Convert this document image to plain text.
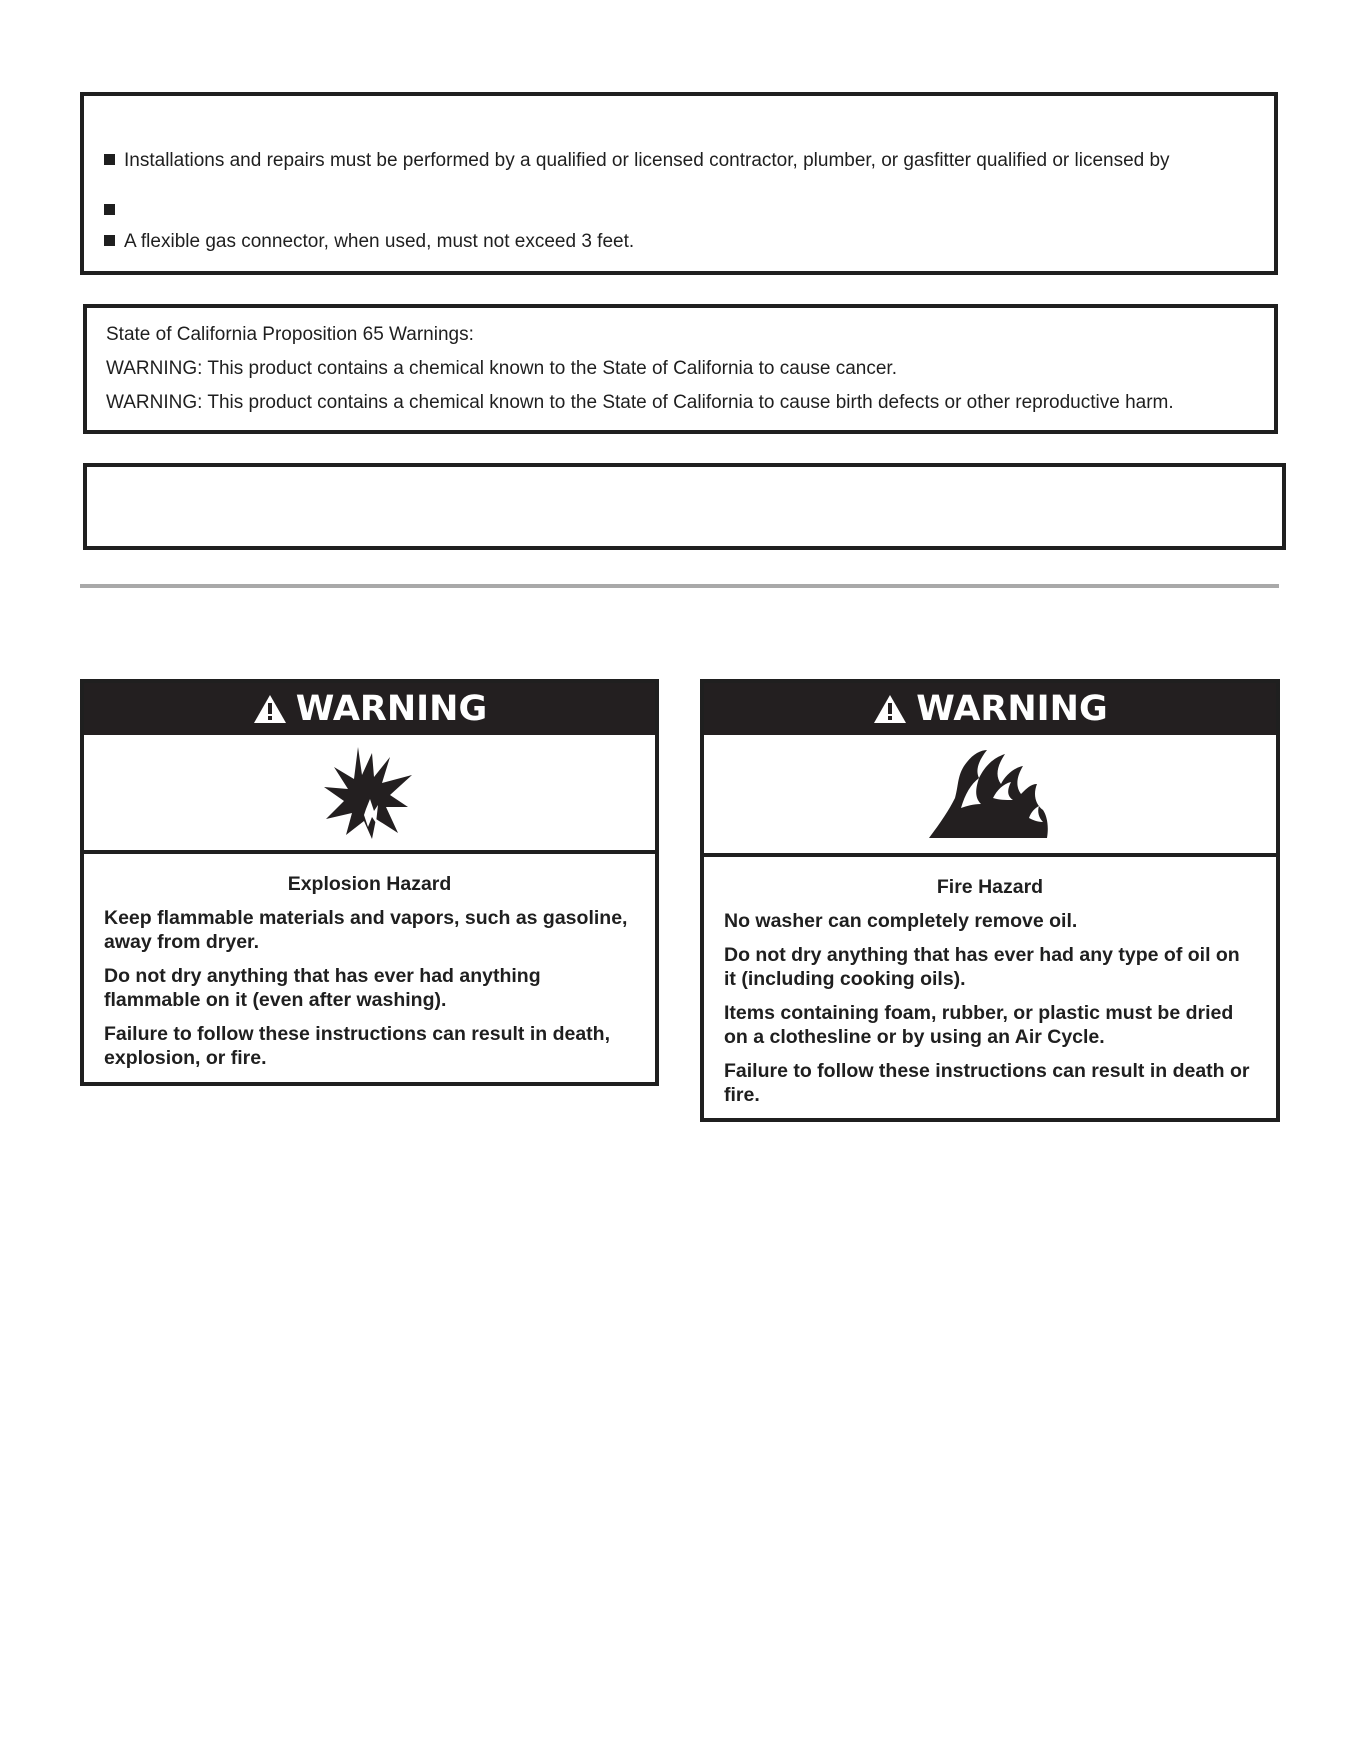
Installations and repairs must be performed by a qualified or licensed contractor, plumber, or gasfitter qualified or licensed by
A flexible gas connector, when used, must not exceed 3 feet.
State of California Proposition 65 Warnings:
WARNING: This product contains a chemical known to the State of California to cause cancer.
WARNING: This product contains a chemical known to the State of California to cause birth defects or other reproductive harm.
WARNING
Explosion Hazard

Keep flammable materials and vapors, such as gasoline, away from dryer.

Do not dry anything that has ever had anything flammable on it (even after washing).

Failure to follow these instructions can result in death, explosion, or fire.

WARNING
Fire Hazard

No washer can completely remove oil.

Do not dry anything that has ever had any type of oil on it (including cooking oils).

Items containing foam, rubber, or plastic must be dried on a clothesline or by using an Air Cycle.

Failure to follow these instructions can result in death or fire.
